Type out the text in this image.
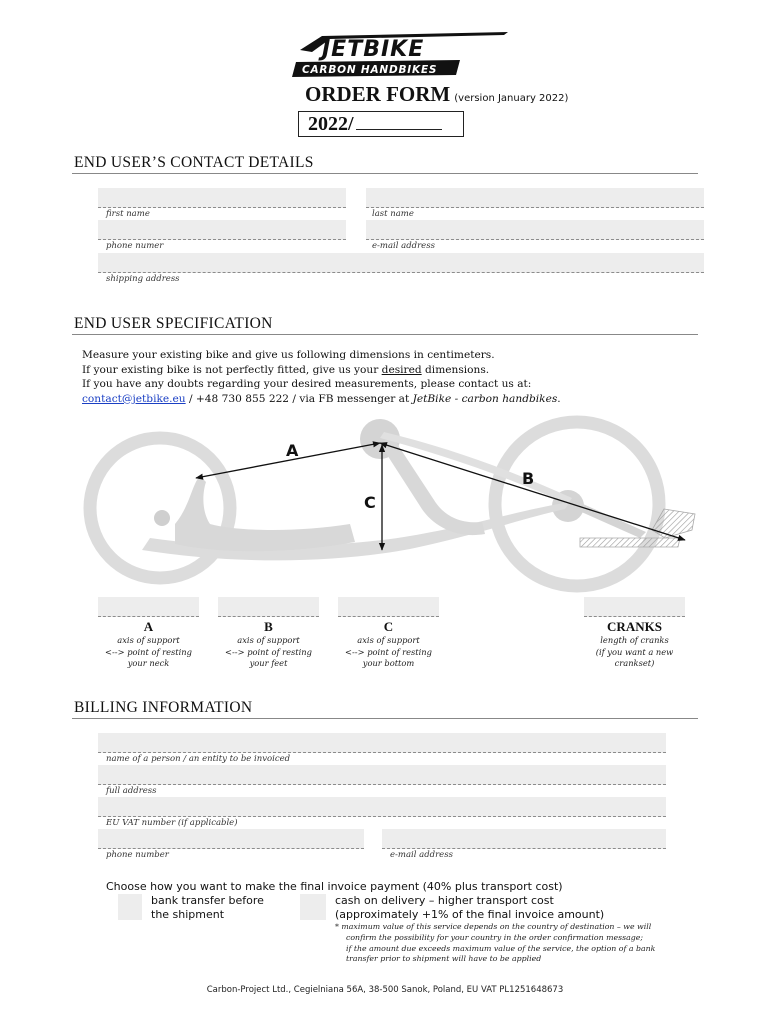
JETBIKE
CARBON HANDBIKES
ORDER FORM (version January 2022)
2022/
END USER’S CONTACT DETAILS
first name	last name
phone numer	e-mail address
shipping address
END USER SPECIFICATION
Measure your existing bike and give us following dimensions in centimeters.
If your existing bike is not perfectly fitted, give us your desired dimensions.
If you have any doubts regarding your desired measurements, please contact us at:
contact@jetbike.eu / +48 730 855 222 / via FB messenger at JetBike - carbon handbikes.
A
B
C
A
axis of support
<--> point of resting
your neck
B
axis of support
<--> point of resting
your feet
C
axis of support
<--> point of resting
your bottom
CRANKS
length of cranks
(if you want a new
crankset)
BILLING INFORMATION
name of a person / an entity to be invoiced
full address
EU VAT number (if applicable)
phone number	e-mail address
Choose how you want to make the final invoice payment (40% plus transport cost)
bank transfer before
the shipment
cash on delivery – higher transport cost
(approximately +1% of the final invoice amount)
* maximum value of this service depends on the country of destination – we will
confirm the possibility for your country in the order confirmation message;
if the amount due exceeds maximum value of the service, the option of a bank
transfer prior to shipment will have to be applied
Carbon-Project Ltd., Cegielniana 56A, 38-500 Sanok, Poland, EU VAT PL1251648673
